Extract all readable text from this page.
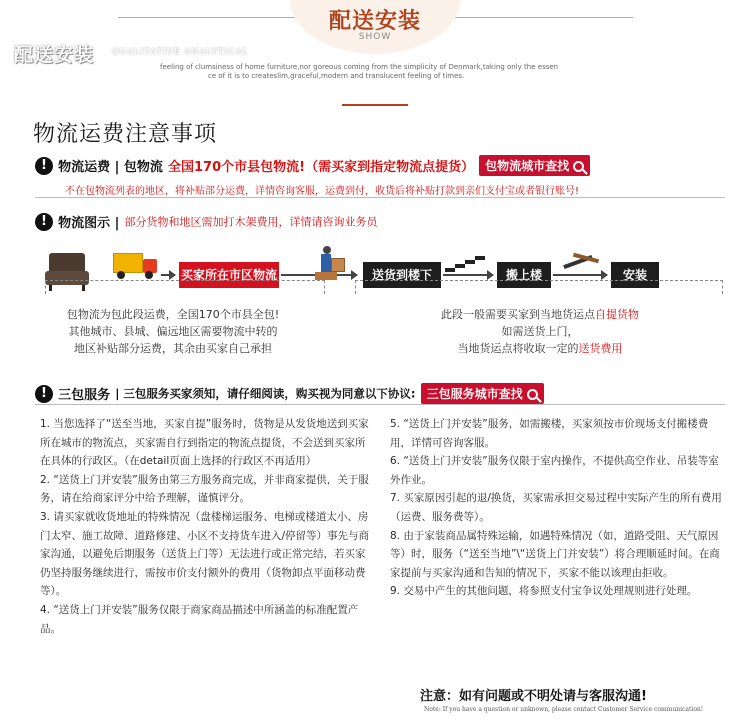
配送安装
SHOW
配送安装 QUALITATIVE ANALYTICAL
feeling of clumsiness of home furniture,nor goreous coming from the simplicity of Denmark,taking only the essen
ce of it is to createslim,graceful,modern and translucent feeling of times.
物流运费注意事项
! 物流运费 | 包物流 全国170个市县包物流!（需买家到指定物流点提货） 包物流城市查找
不在包物流列表的地区，将补贴部分运费，详情咨询客服，运费到付，收货后将补贴打款到亲们支付宝或者银行账号!
! 物流图示 | 部分货物和地区需加打木架费用，详情请咨询业务员
买家所在市区物流点
送货到楼下	搬上楼	安装
包物流为包此段运费，全国170个市县全包!
其他城市、县城、偏远地区需要物流中转的
地区补贴部分运费，其余由买家自己承担
此段一般需要买家到当地货运点自提货物
如需送货上门，
当地货运点将收取一定的送货费用
! 三包服务 | 三包服务买家须知，请仔细阅读，购买视为同意以下协议: 三包服务城市查找

1. 当您选择了“送至当地，买家自提”服务时，货物是从发货地送到买家所在城市的物流点，买家需自行到指定的物流点提货，不会送到买家所在具体的行政区。（在detail页面上选择的行政区不再适用）

2. “送货上门并安装”服务由第三方服务商完成，并非商家提供，关于服务，请在给商家评分中给予理解，谨慎评分。

3. 请买家就收货地址的特殊情况（盘楼梯运服务、电梯或楼道太小、房门太窄、施工故障、道路修建、小区不支持货车进入/停留等）事先与商家沟通，以避免后期服务（送货上门等）无法进行或正常完结，若买家仍坚持服务继续进行，需按市价支付额外的费用（货物卸点平面移动费等）。

4. “送货上门并安装”服务仅限于商家商品描述中所涵盖的标准配置产品。

5. “送货上门并安装”服务，如需搬楼，买家须按市价现场支付搬楼费用，详情可咨询客服。

6. “送货上门并安装”服务仅限于室内操作，不提供高空作业、吊装等室外作业。

7. 买家原因引起的退/换货，买家需承担交易过程中实际产生的所有费用（运费、服务费等）。

8. 由于家装商品属特殊运输，如遇特殊情况（如，道路受阻、天气原因等）时，服务（“送至当地”\“送货上门并安装”）将合理顺延时间。在商家提前与买家沟通和告知的情况下，买家不能以该理由拒收。

9. 交易中产生的其他问题，将参照支付宝争议处理规则进行处理。

注意：如有问题或不明处请与客服沟通!
Note: If you have a question or unknown, please contact Customer Service communication!
